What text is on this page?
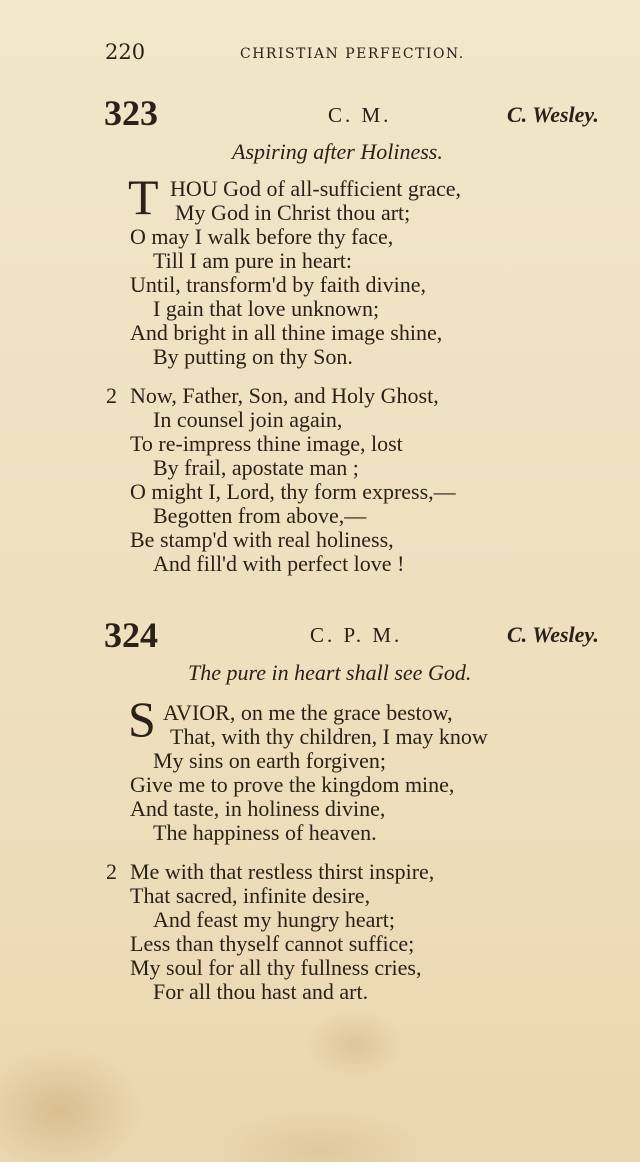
220	CHRISTIAN PERFECTION.
323	C. M.	C. Wesley.
Aspiring after Holiness.
T HOU God of all-sufficient grace,
My God in Christ thou art;
O may I walk before thy face,
Till I am pure in heart:
Until, transform'd by faith divine,
I gain that love unknown;
And bright in all thine image shine,
By putting on thy Son.
2 Now, Father, Son, and Holy Ghost,
In counsel join again,
To re-impress thine image, lost
By frail, apostate man ;
O might I, Lord, thy form express,—
Begotten from above,—
Be stamp'd with real holiness,
And fill'd with perfect love !
324	C. P. M.	C. Wesley.
The pure in heart shall see God.
S AVIOR, on me the grace bestow,
That, with thy children, I may know
My sins on earth forgiven;
Give me to prove the kingdom mine,
And taste, in holiness divine,
The happiness of heaven.
2 Me with that restless thirst inspire,
That sacred, infinite desire,
And feast my hungry heart;
Less than thyself cannot suffice;
My soul for all thy fullness cries,
For all thou hast and art.
